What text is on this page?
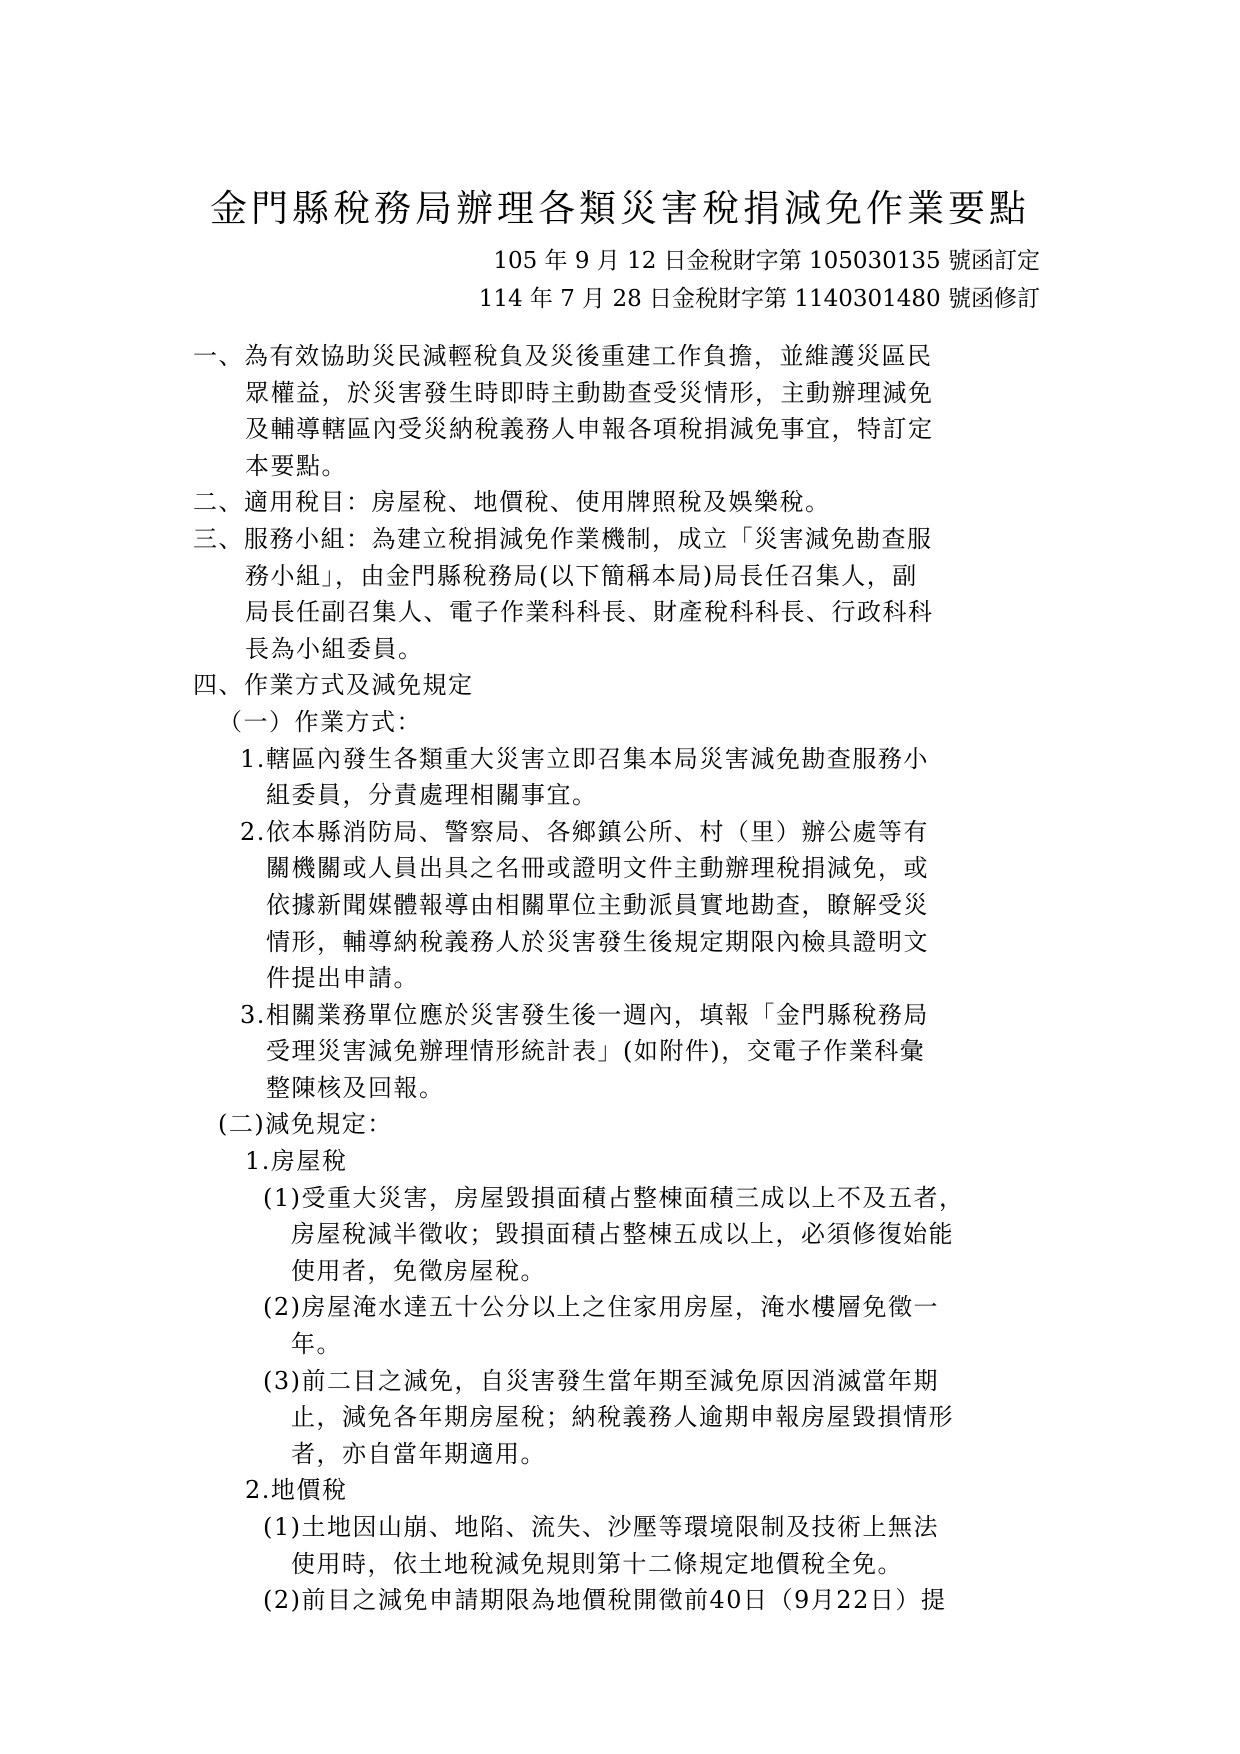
金門縣稅務局辦理各類災害稅捐減免作業要點
105 年 9 月 12 日金稅財字第 105030135 號函訂定
114 年 7 月 28 日金稅財字第 1140301480 號函修訂
一、為有效協助災民減輕稅負及災後重建工作負擔，並維護災區民
眾權益，於災害發生時即時主動勘查受災情形，主動辦理減免
及輔導轄區內受災納稅義務人申報各項稅捐減免事宜，特訂定
本要點。
二、適用稅目：房屋稅、地價稅、使用牌照稅及娛樂稅。
三、服務小組：為建立稅捐減免作業機制，成立「災害減免勘查服
務小組」，由金門縣稅務局(以下簡稱本局)局長任召集人，副
局長任副召集人、電子作業科科長、財產稅科科長、行政科科
長為小組委員。
四、作業方式及減免規定
（一）作業方式：
1.轄區內發生各類重大災害立即召集本局災害減免勘查服務小
組委員，分責處理相關事宜。
2.依本縣消防局、警察局、各鄉鎮公所、村（里）辦公處等有
關機關或人員出具之名冊或證明文件主動辦理稅捐減免，或
依據新聞媒體報導由相關單位主動派員實地勘查，瞭解受災
情形，輔導納稅義務人於災害發生後規定期限內檢具證明文
件提出申請。
3.相關業務單位應於災害發生後一週內，填報「金門縣稅務局
受理災害減免辦理情形統計表」(如附件)，交電子作業科彙
整陳核及回報。
(二)減免規定：
1.房屋稅
(1)受重大災害，房屋毀損面積占整棟面積三成以上不及五者，
房屋稅減半徵收；毀損面積占整棟五成以上，必須修復始能
使用者，免徵房屋稅。
(2)房屋淹水達五十公分以上之住家用房屋，淹水樓層免徵一
年。
(3)前二目之減免，自災害發生當年期至減免原因消滅當年期
止，減免各年期房屋稅；納稅義務人逾期申報房屋毀損情形
者，亦自當年期適用。
2.地價稅
(1)土地因山崩、地陷、流失、沙壓等環境限制及技術上無法
使用時，依土地稅減免規則第十二條規定地價稅全免。
(2)前目之減免申請期限為地價稅開徵前40日（9月22日）提
